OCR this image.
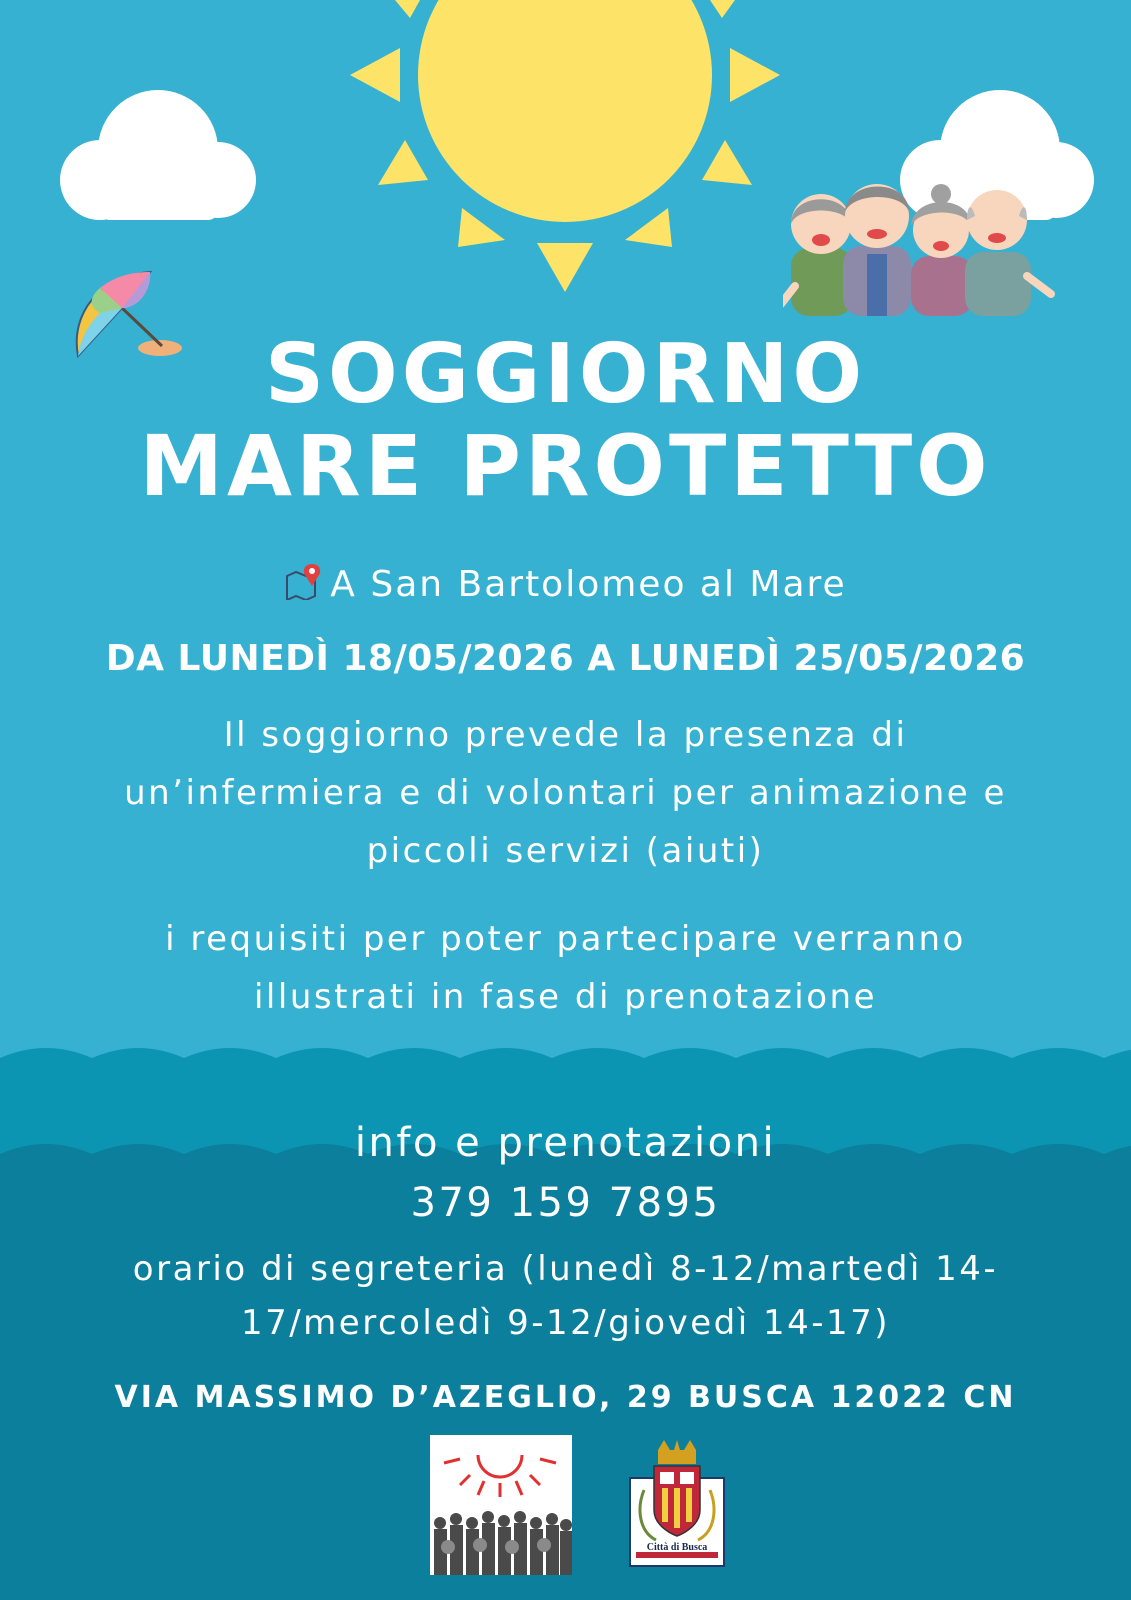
SOGGIORNO
MARE PROTETTO
A San Bartolomeo al Mare
DA LUNEDÌ 18/05/2026 A LUNEDÌ 25/05/2026
Il soggiorno prevede la presenza di
un’infermiera e di volontari per animazione e
piccoli servizi (aiuti)
i requisiti per poter partecipare verranno
illustrati in fase di prenotazione
info e prenotazioni
379 159 7895
orario di segreteria (lunedì 8-12/martedì 14-
17/mercoledì 9-12/giovedì 14-17)
VIA MASSIMO D’AZEGLIO, 29 BUSCA 12022 CN
Città di Busca
